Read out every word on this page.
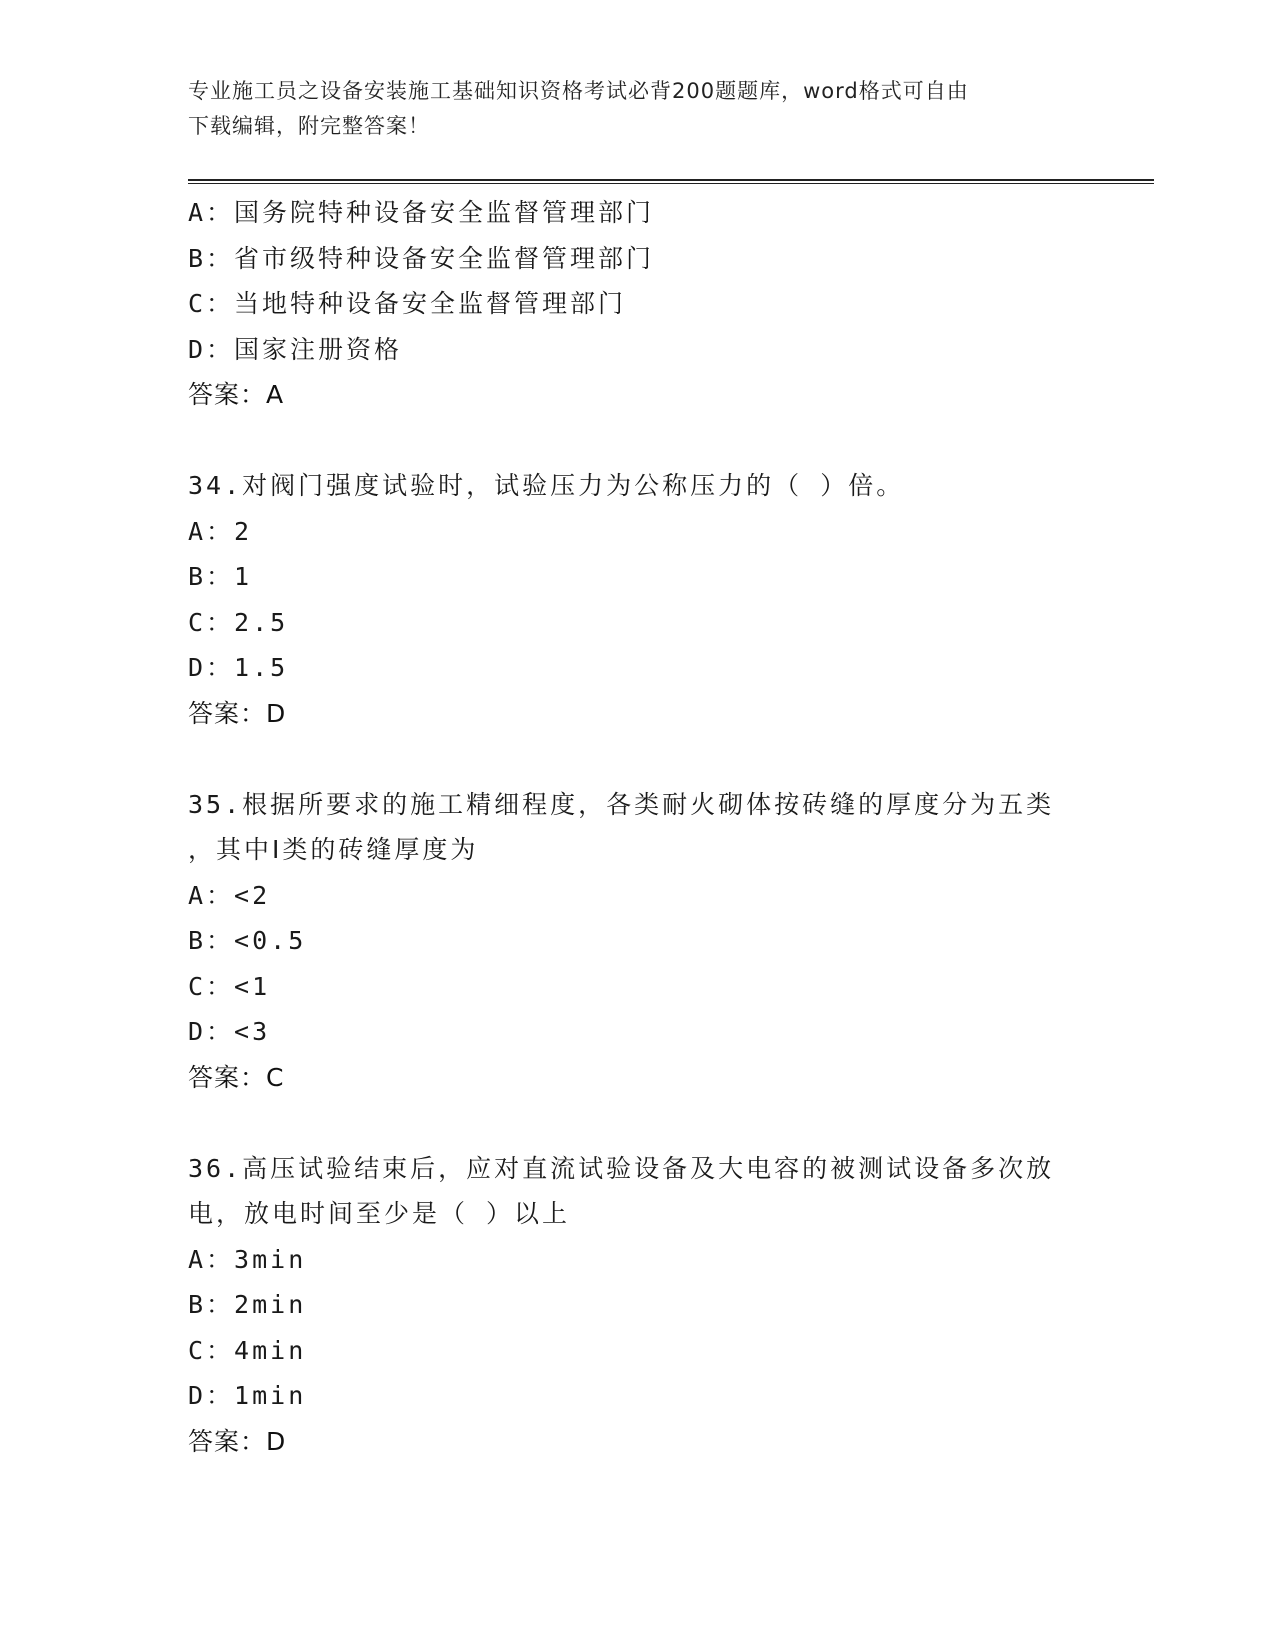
专业施工员之设备安装施工基础知识资格考试必背200题题库，word格式可自由
下载编辑，附完整答案！
A：国务院特种设备安全监督管理部门
B：省市级特种设备安全监督管理部门
C：当地特种设备安全监督管理部门
D：国家注册资格
答案：A
34.对阀门强度试验时，试验压力为公称压力的（ ）倍。
A：2
B：1
C：2.5
D：1.5
答案：D
35.根据所要求的施工精细程度，各类耐火砌体按砖缝的厚度分为五类
，其中Ⅰ类的砖缝厚度为
A：<2
B：<0.5
C：<1
D：<3
答案：C
36.高压试验结束后，应对直流试验设备及大电容的被测试设备多次放
电，放电时间至少是（ ）以上
A：3min
B：2min
C：4min
D：1min
答案：D
